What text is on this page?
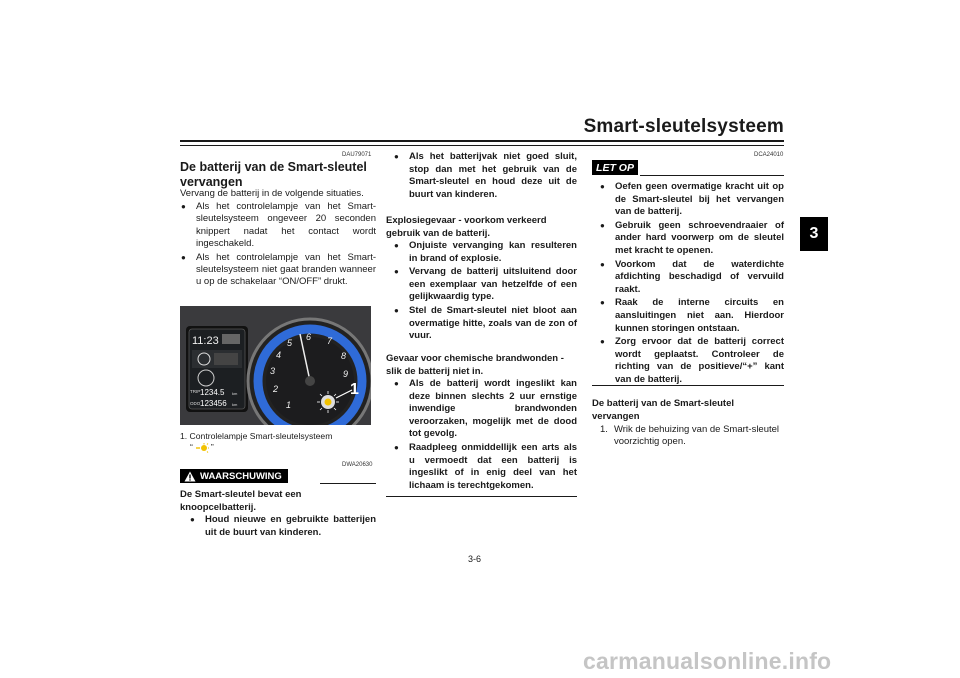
Smart-sleutelsysteem
3
DAU79071
De batterij van de Smart-sleutel vervangen
Vervang de batterij in de volgende situaties.
● Als het controlelampje van het Smart-sleutelsysteem ongeveer 20 seconden knippert nadat het contact wordt ingeschakeld.
● Als het controlelampje van het Smart-sleutelsysteem niet gaat branden wanneer u op de schakelaar “ON/OFF” drukt.
11:23
TRIP 1234.5 km
ODO 123456 km	1
2
3
4
5
6 7
8
9
1
1. Controlelampje Smart-sleutelsysteem
“ ”
DWA20630
WAARSCHUWING
De Smart-sleutel bevat een knoopcelbatterij.
● Houd nieuwe en gebruikte batterijen uit de buurt van kinderen.
● Als het batterijvak niet goed sluit, stop dan met het gebruik van de Smart-sleutel en houd deze uit de buurt van kinderen.
Explosiegevaar - voorkom verkeerd gebruik van de batterij.
● Onjuiste vervanging kan resulteren in brand of explosie.
● Vervang de batterij uitsluitend door een exemplaar van hetzelfde of een gelijkwaardig type.
● Stel de Smart-sleutel niet bloot aan overmatige hitte, zoals van de zon of vuur.
Gevaar voor chemische brandwonden - slik de batterij niet in.
● Als de batterij wordt ingeslikt kan deze binnen slechts 2 uur ernstige inwendige brandwonden veroorzaken, mogelijk met de dood tot gevolg.
● Raadpleeg onmiddellijk een arts als u vermoedt dat een batterij is ingeslikt of in enig deel van het lichaam is terechtgekomen.
LET OP
DCA24010
● Oefen geen overmatige kracht uit op de Smart-sleutel bij het vervangen van de batterij.
● Gebruik geen schroevendraaier of ander hard voorwerp om de sleutel met kracht te openen.
● Voorkom dat de waterdichte afdichting beschadigd of vervuild raakt.
● Raak de interne circuits en aansluitingen niet aan. Hierdoor kunnen storingen ontstaan.
● Zorg ervoor dat de batterij correct wordt geplaatst. Controleer de richting van de positieve/“+” kant van de batterij.
De batterij van de Smart-sleutel vervangen
1. Wrik de behuizing van de Smart-sleutel voorzichtig open.
3-6
carmanualsonline.info
